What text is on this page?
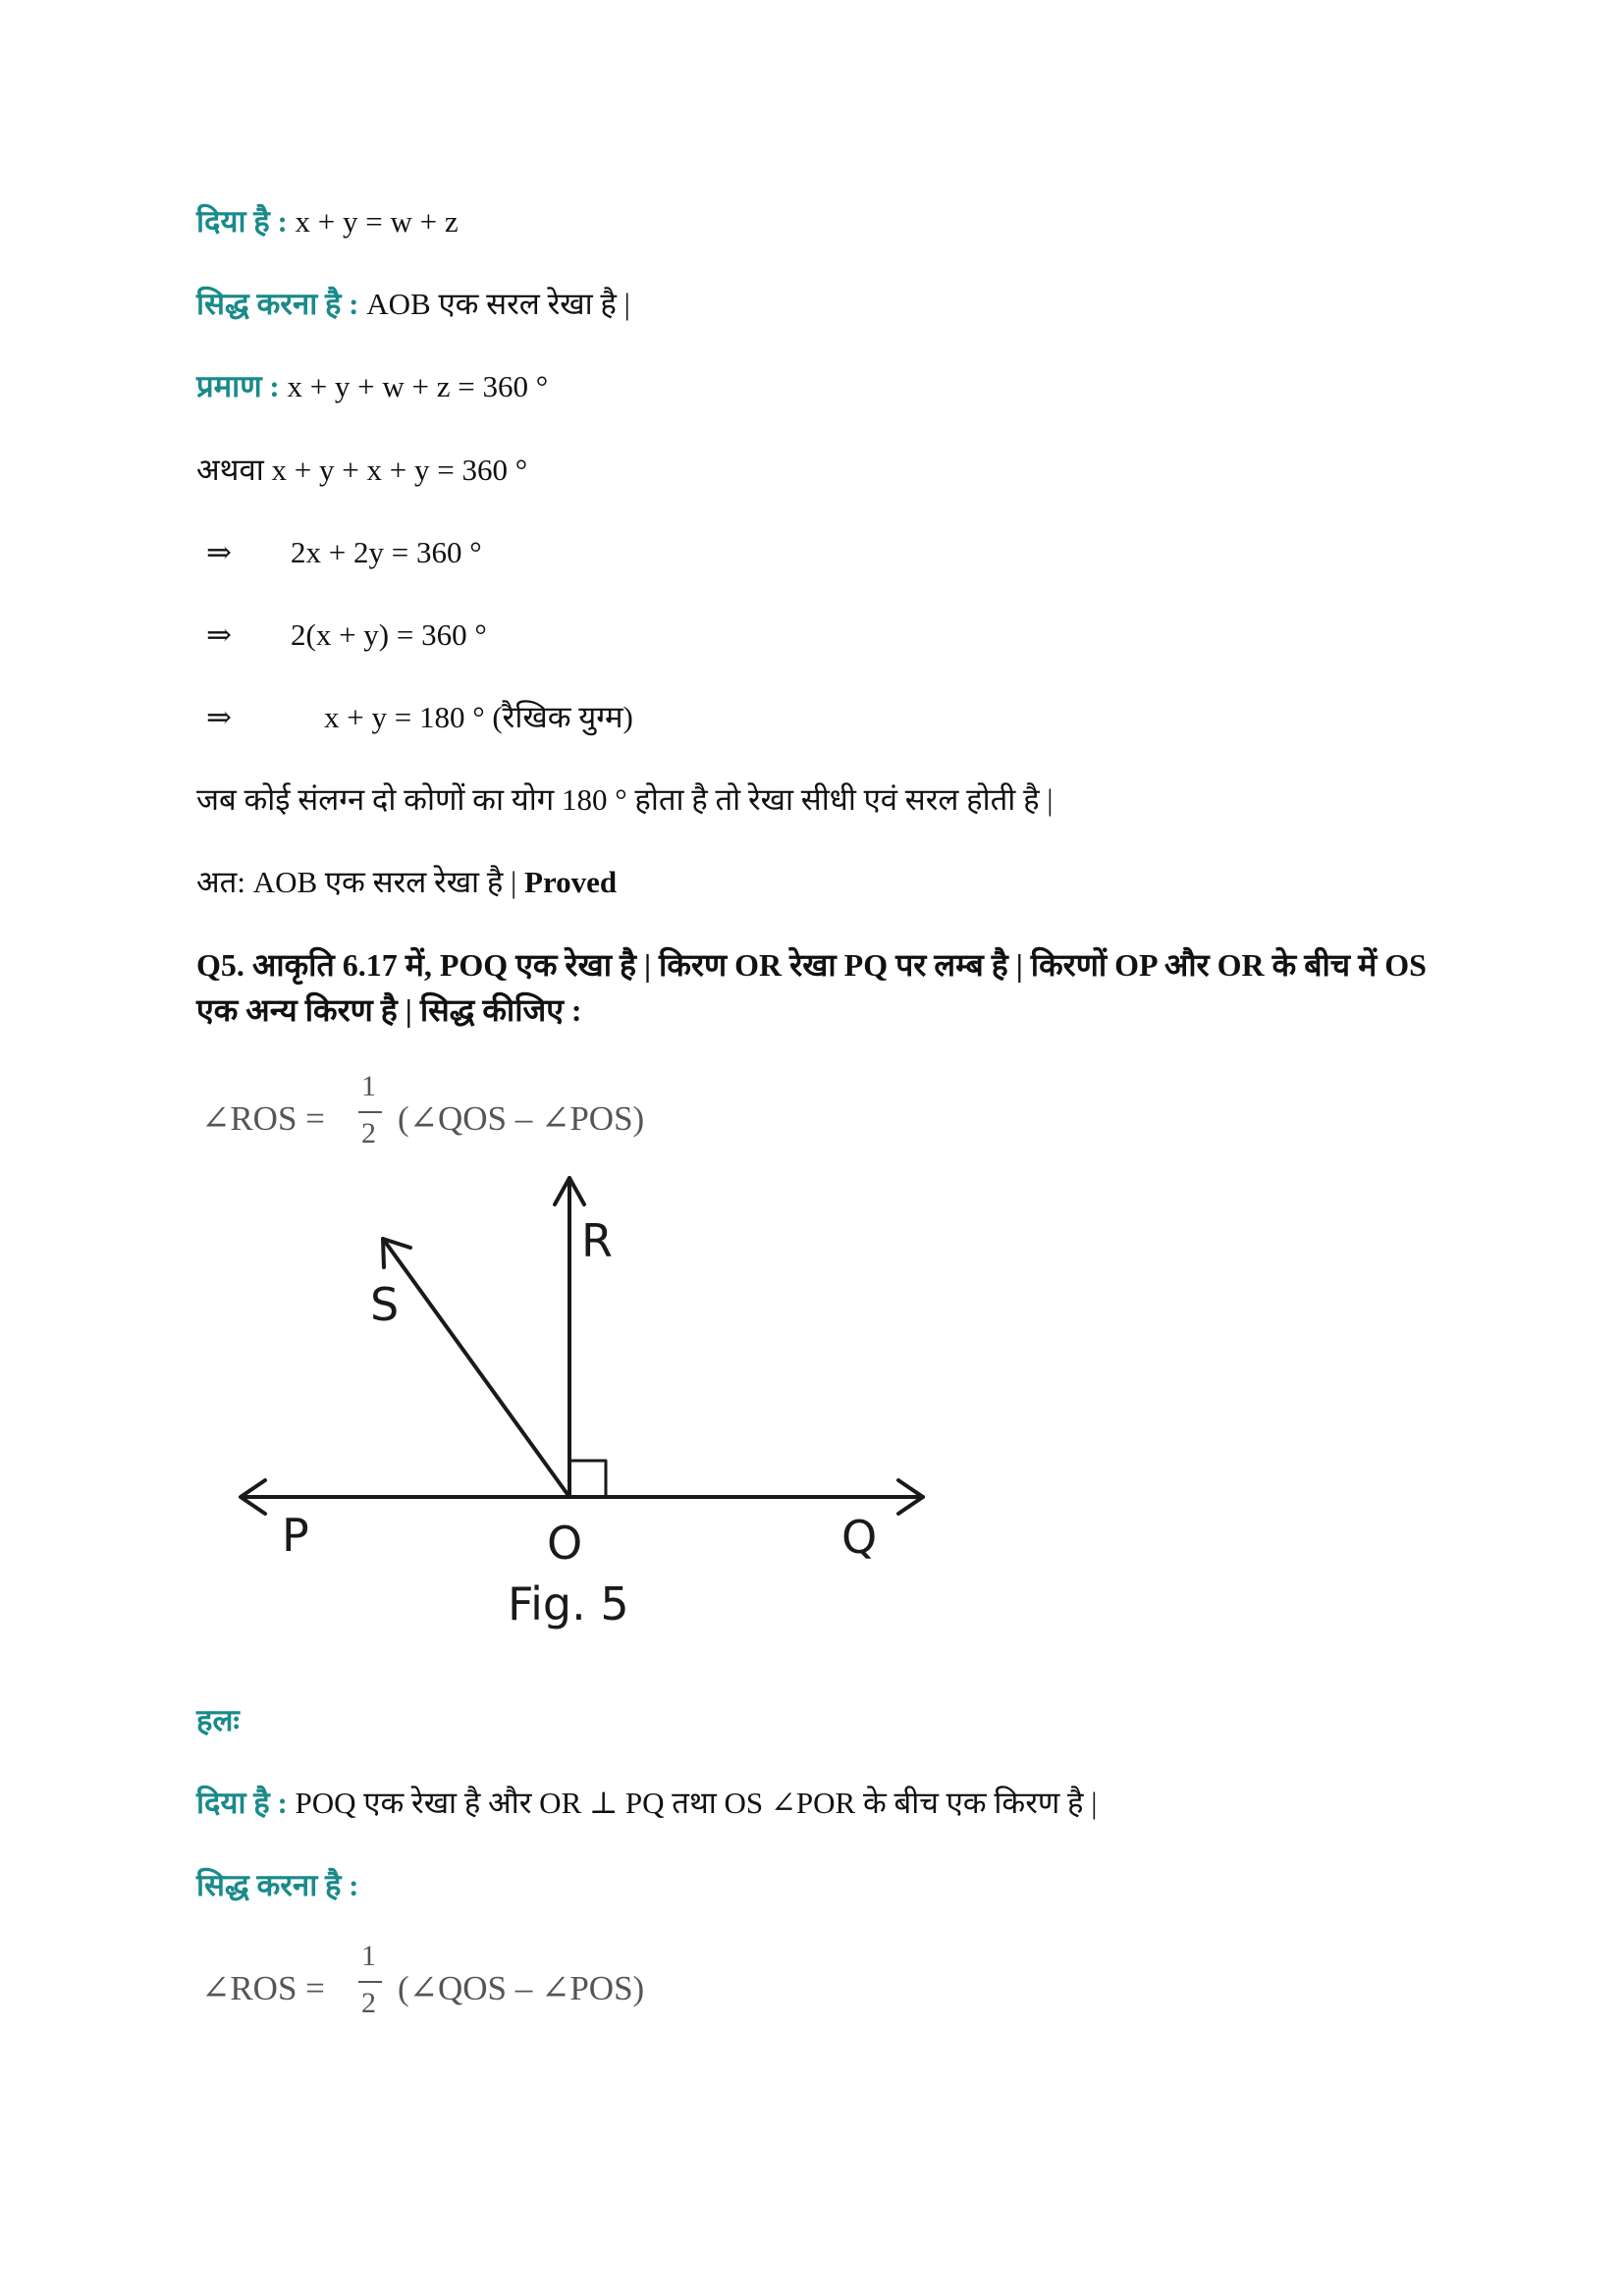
दिया है : x + y = w + z
सिद्ध करना है : AOB एक सरल रेखा है |
प्रमाण : x + y + w + z = 360 °
अथवा x + y + x + y = 360 °
⇒ 2x + 2y = 360 °
⇒ 2(x + y) = 360 °
⇒	x + y = 180 ° (रैखिक युग्म)
जब कोई संलग्न दो कोणों का योग 180 ° होता है तो रेखा सीधी एवं सरल होती है |
अत: AOB एक सरल रेखा है | Proved
Q5. आकृति 6.17 में, POQ एक रेखा है | किरण OR रेखा PQ पर लम्ब है | किरणों OP और OR के बीच में OS एक अन्य किरण है | सिद्ध कीजिए :
∠ROS =
1
2 (∠QOS – ∠POS)
R
S
P	O	Q
Fig. 5
हलः
दिया है : POQ एक रेखा है और OR ⊥ PQ तथा OS ∠POR के बीच एक किरण है |
सिद्ध करना है :
∠ROS =
1
2 (∠QOS – ∠POS)
